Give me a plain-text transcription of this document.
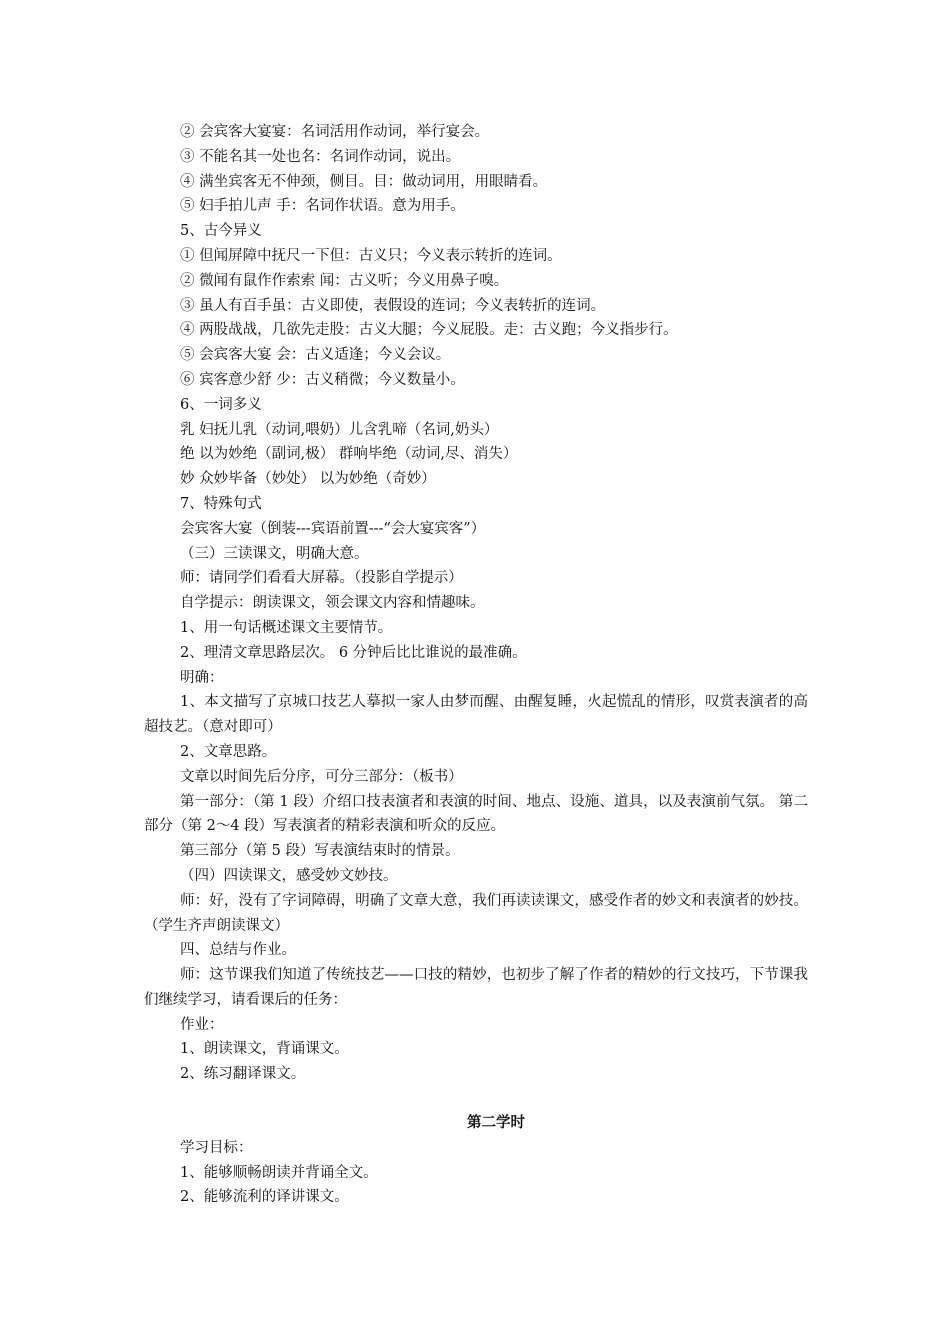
② 会宾客大宴宴：名词活用作动词，举行宴会。
③ 不能名其一处也名：名词作动词，说出。
④ 满坐宾客无不伸颈，侧目。目：做动词用，用眼睛看。
⑤ 妇手拍儿声 手：名词作状语。意为用手。
5、古今异义
① 但闻屏障中抚尺一下但：古义只；今义表示转折的连词。
② 微闻有鼠作作索索 闻：古义听；今义用鼻子嗅。
③ 虽人有百手虽：古义即使，表假设的连词；今义表转折的连词。
④ 两股战战，几欲先走股：古义大腿；今义屁股。走：古义跑；今义指步行。
⑤ 会宾客大宴 会：古义适逢；今义会议。
⑥ 宾客意少舒 少：古义稍微；今义数量小。
6、一词多义
乳 妇抚儿乳（动词,喂奶）儿含乳啼（名词,奶头）
绝 以为妙绝（副词,极） 群响毕绝（动词,尽、消失）
妙 众妙毕备（妙处） 以为妙绝（奇妙）
7、特殊句式
会宾客大宴（倒装---宾语前置---“会大宴宾客”）
（三）三读课文，明确大意。
师：请同学们看看大屏幕。（投影自学提示）
自学提示：朗读课文，领会课文内容和情趣味。
1、用一句话概述课文主要情节。
2、理清文章思路层次。 6 分钟后比比谁说的最准确。
明确：
1、本文描写了京城口技艺人摹拟一家人由梦而醒、由醒复睡，火起慌乱的情形，叹赏表演者的高超技艺。（意对即可）
2、文章思路。
文章以时间先后分序，可分三部分：（板书）
第一部分：（第 1 段）介绍口技表演者和表演的时间、地点、设施、道具，以及表演前气氛。 第二部分（第 2～4 段）写表演者的精彩表演和听众的反应。
第三部分（第 5 段）写表演结束时的情景。
（四）四读课文，感受妙文妙技。
师：好，没有了字词障碍，明确了文章大意，我们再读读课文，感受作者的妙文和表演者的妙技。 （学生齐声朗读课文）
四、总结与作业。
师：这节课我们知道了传统技艺——口技的精妙，也初步了解了作者的精妙的行文技巧，下节课我们继续学习，请看课后的任务：
作业：
1、朗读课文，背诵课文。
2、练习翻译课文。
第二学时
学习目标：
1、能够顺畅朗读并背诵全文。
2、能够流利的译讲课文。
